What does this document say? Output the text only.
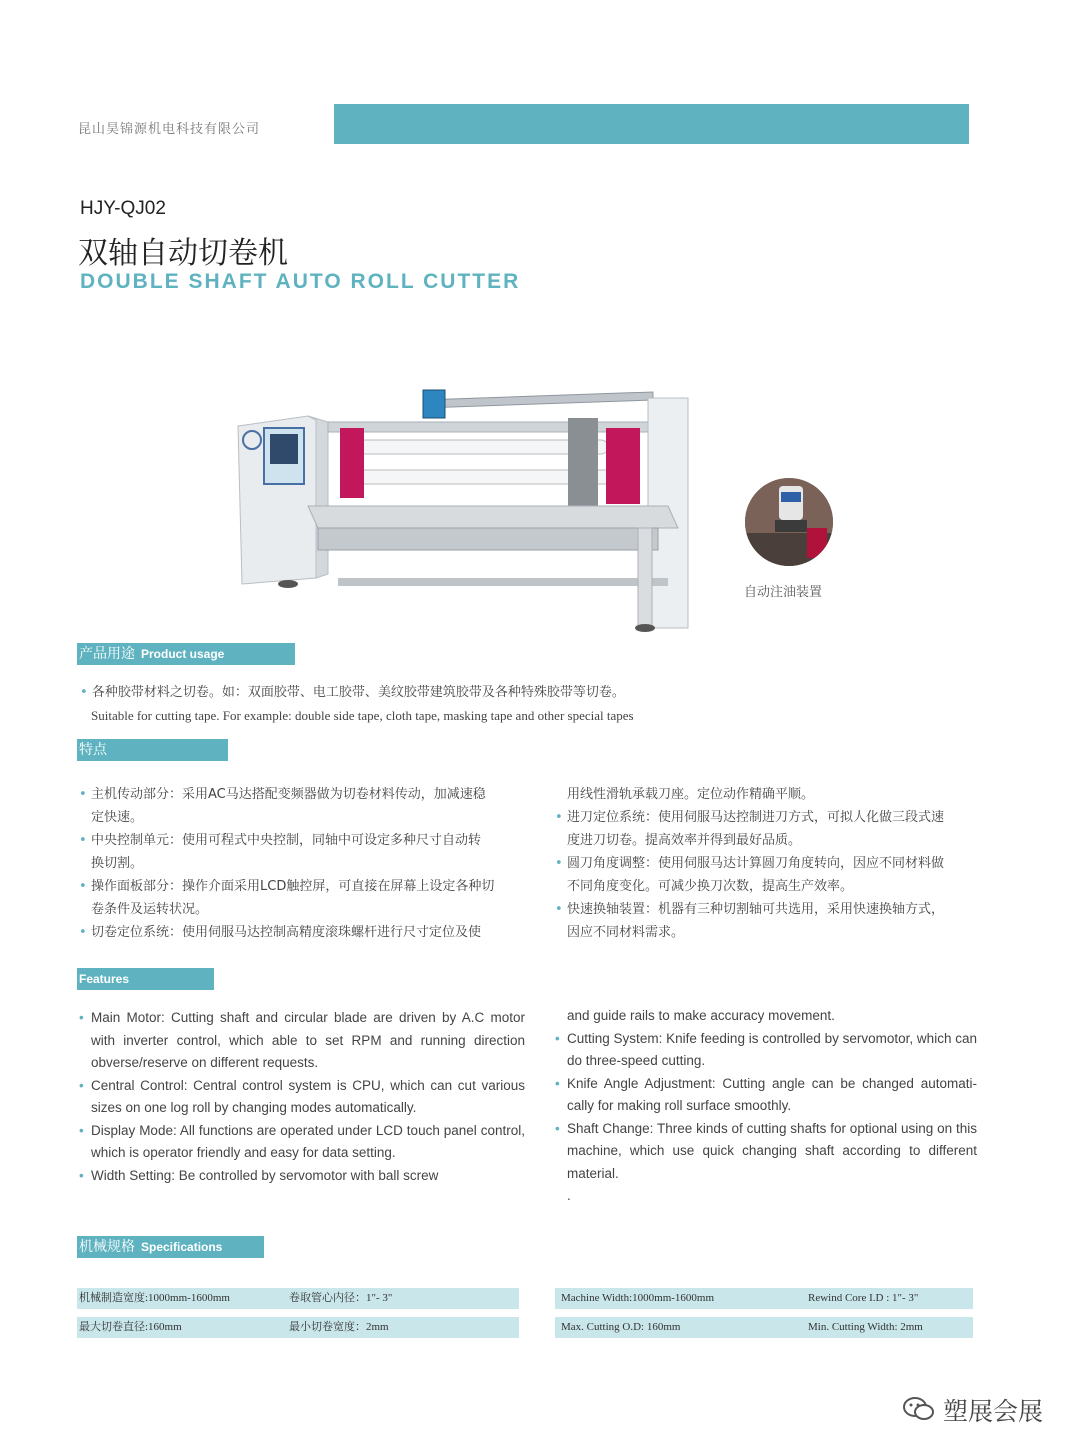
昆山昊锦源机电科技有限公司
HJY-QJ02
双轴自动切卷机
DOUBLE SHAFT AUTO ROLL CUTTER
自动注油装置
产品用途 Product usage
• 各种胶带材料之切卷。如：双面胶带、电工胶带、美纹胶带建筑胶带及各种特殊胶带等切卷。
Suitable for cutting tape. For example: double side tape, cloth tape, masking tape and other special tapes
特点
• 主机传动部分：采用AC马达搭配变频器做为切卷材料传动，加减速稳
定快速。
• 中央控制单元：使用可程式中央控制，同轴中可设定多种尺寸自动转
换切割。
• 操作面板部分：操作介面采用LCD触控屏，可直接在屏幕上设定各种切
卷条件及运转状况。
• 切卷定位系统：使用伺服马达控制高精度滚珠螺杆进行尺寸定位及使
用线性滑轨承载刀座。定位动作精确平顺。
• 进刀定位系统：使用伺服马达控制进刀方式，可拟人化做三段式速
度进刀切卷。提高效率并得到最好品质。
• 圆刀角度调整：使用伺服马达计算圆刀角度转向，因应不同材料做
不同角度变化。可减少换刀次数，提高生产效率。
• 快速换轴装置：机器有三种切割轴可共选用，采用快速换轴方式，
因应不同材料需求。
Features
• Main Motor: Cutting shaft and circular blade are driven by A.C motor with inverter control, which able to set RPM and running direction obverse/reserve on different requests.
• Central Control: Central control system is CPU, which can cut various sizes on one log roll by changing modes automatically.
• Display Mode: All functions are operated under LCD touch panel control, which is operator friendly and easy for data setting.
• Width Setting: Be controlled by servomotor with ball screw
and guide rails to make accuracy movement.
• Cutting System: Knife feeding is controlled by servomotor, which can do three-speed cutting.
• Knife Angle Adjustment: Cutting angle can be changed automati-cally for making roll surface smoothly.
• Shaft Change: Three kinds of cutting shafts for optional using on this machine, which use quick changing shaft according to different material.
.
机械规格 Specifications
机械制造宽度:1000mm-1600mm	卷取管心内径：1"- 3"
最大切卷直径:160mm	最小切卷宽度：2mm
Machine Width:1000mm-1600mm	Rewind Core I.D : 1"- 3"
Max. Cutting O.D: 160mm	Min. Cutting Width: 2mm
塑展会展
